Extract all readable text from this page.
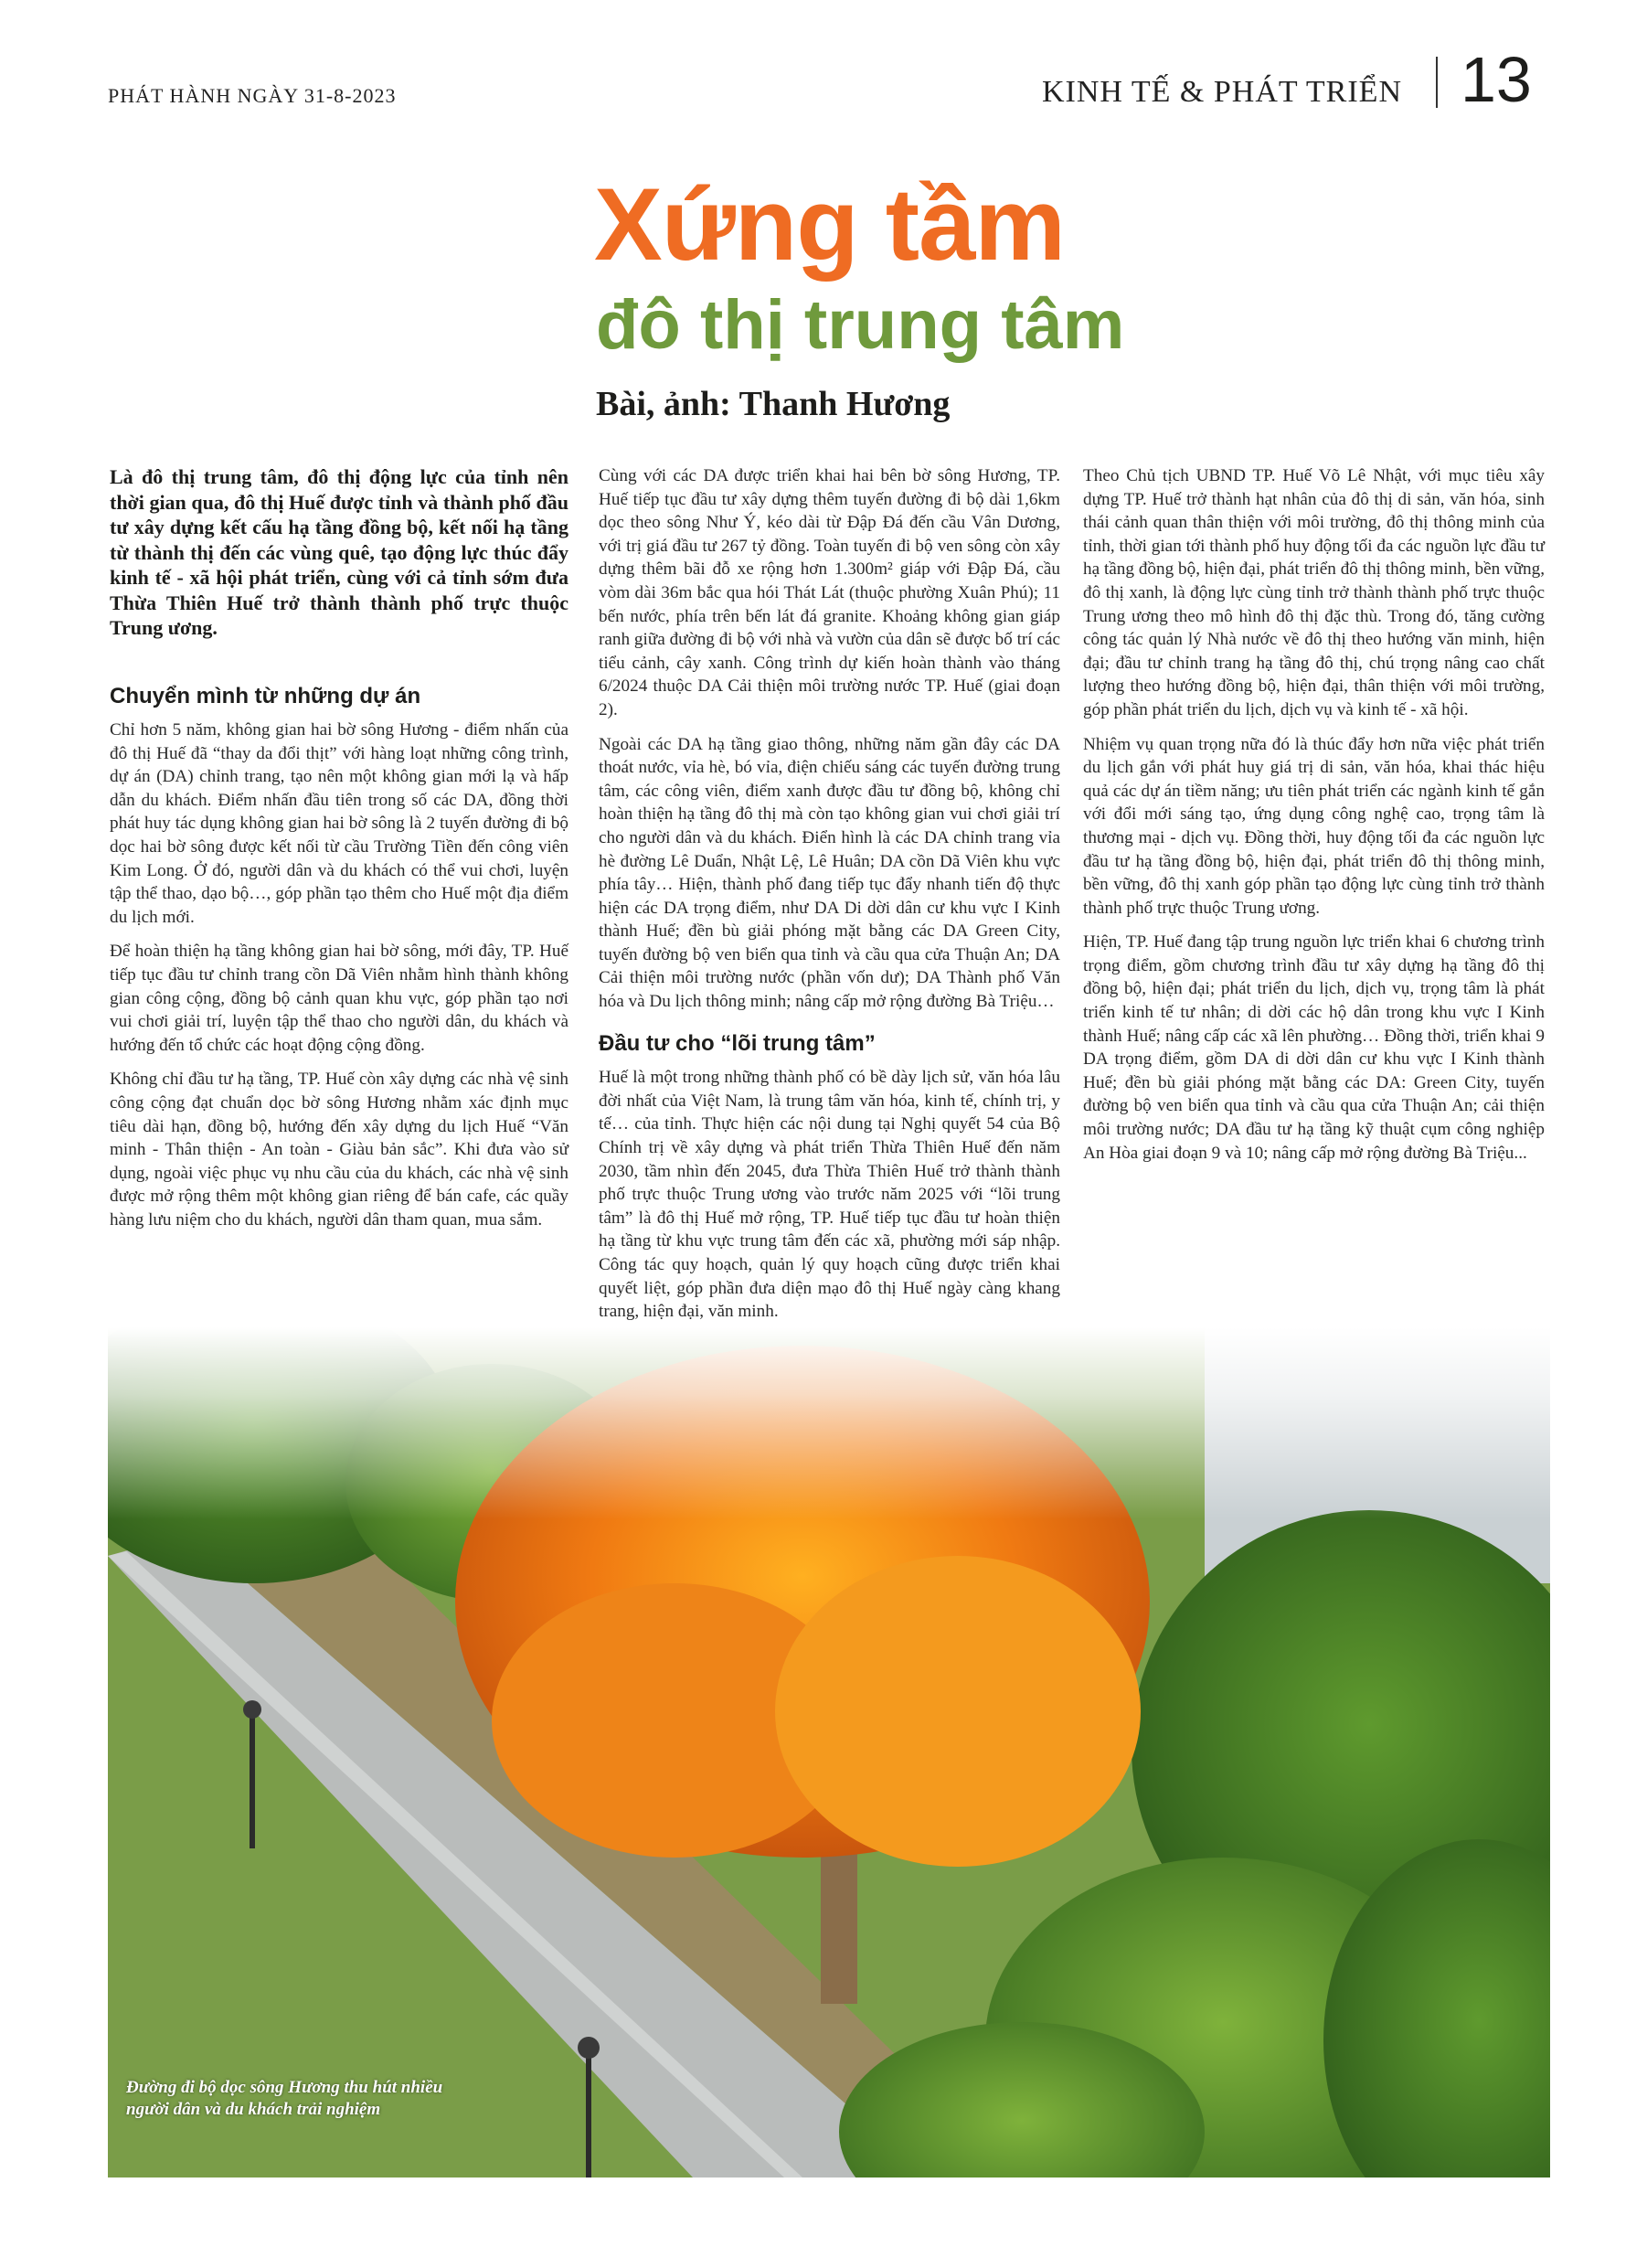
PHÁT HÀNH NGÀY 31-8-2023	KINH TẾ & PHÁT TRIỂN 13
Xứng tầm
đô thị trung tâm
Bài, ảnh: Thanh Hương

Là đô thị trung tâm, đô thị động lực của tỉnh nên thời gian qua, đô thị Huế được tỉnh và thành phố đầu tư xây dựng kết cấu hạ tầng đồng bộ, kết nối hạ tầng từ thành thị đến các vùng quê, tạo động lực thúc đẩy kinh tế - xã hội phát triển, cùng với cả tỉnh sớm đưa Thừa Thiên Huế trở thành thành phố trực thuộc Trung ương.

Chuyển mình từ những dự án

Chỉ hơn 5 năm, không gian hai bờ sông Hương - điểm nhấn của đô thị Huế đã “thay da đổi thịt” với hàng loạt những công trình, dự án (DA) chỉnh trang, tạo nên một không gian mới lạ và hấp dẫn du khách. Điểm nhấn đầu tiên trong số các DA, đồng thời phát huy tác dụng không gian hai bờ sông là 2 tuyến đường đi bộ dọc hai bờ sông được kết nối từ cầu Trường Tiền đến công viên Kim Long. Ở đó, người dân và du khách có thể vui chơi, luyện tập thể thao, dạo bộ…, góp phần tạo thêm cho Huế một địa điểm du lịch mới.

Để hoàn thiện hạ tầng không gian hai bờ sông, mới đây, TP. Huế tiếp tục đầu tư chỉnh trang cồn Dã Viên nhằm hình thành không gian công cộng, đồng bộ cảnh quan khu vực, góp phần tạo nơi vui chơi giải trí, luyện tập thể thao cho người dân, du khách và hướng đến tổ chức các hoạt động cộng đồng.

Không chỉ đầu tư hạ tầng, TP. Huế còn xây dựng các nhà vệ sinh công cộng đạt chuẩn dọc bờ sông Hương nhằm xác định mục tiêu dài hạn, đồng bộ, hướng đến xây dựng du lịch Huế “Văn minh - Thân thiện - An toàn - Giàu bản sắc”. Khi đưa vào sử dụng, ngoài việc phục vụ nhu cầu của du khách, các nhà vệ sinh được mở rộng thêm một không gian riêng để bán cafe, các quầy hàng lưu niệm cho du khách, người dân tham quan, mua sắm.

Cùng với các DA được triển khai hai bên bờ sông Hương, TP. Huế tiếp tục đầu tư xây dựng thêm tuyến đường đi bộ dài 1,6km dọc theo sông Như Ý, kéo dài từ Đập Đá đến cầu Vân Dương, với trị giá đầu tư 267 tỷ đồng. Toàn tuyến đi bộ ven sông còn xây dựng thêm bãi đỗ xe rộng hơn 1.300m² giáp với Đập Đá, cầu vòm dài 36m bắc qua hói Thát Lát (thuộc phường Xuân Phú); 11 bến nước, phía trên bến lát đá granite. Khoảng không gian giáp ranh giữa đường đi bộ với nhà và vườn của dân sẽ được bố trí các tiểu cảnh, cây xanh. Công trình dự kiến hoàn thành vào tháng 6/2024 thuộc DA Cải thiện môi trường nước TP. Huế (giai đoạn 2).

Ngoài các DA hạ tầng giao thông, những năm gần đây các DA thoát nước, vỉa hè, bó vỉa, điện chiếu sáng các tuyến đường trung tâm, các công viên, điểm xanh được đầu tư đồng bộ, không chỉ hoàn thiện hạ tầng đô thị mà còn tạo không gian vui chơi giải trí cho người dân và du khách. Điển hình là các DA chỉnh trang vỉa hè đường Lê Duẩn, Nhật Lệ, Lê Huân; DA cồn Dã Viên khu vực phía tây… Hiện, thành phố đang tiếp tục đẩy nhanh tiến độ thực hiện các DA trọng điểm, như DA Di dời dân cư khu vực I Kinh thành Huế; đền bù giải phóng mặt bằng các DA Green City, tuyến đường bộ ven biển qua tỉnh và cầu qua cửa Thuận An; DA Cải thiện môi trường nước (phần vốn dư); DA Thành phố Văn hóa và Du lịch thông minh; nâng cấp mở rộng đường Bà Triệu…

Đầu tư cho “lõi trung tâm”

Huế là một trong những thành phố có bề dày lịch sử, văn hóa lâu đời nhất của Việt Nam, là trung tâm văn hóa, kinh tế, chính trị, y tế… của tỉnh. Thực hiện các nội dung tại Nghị quyết 54 của Bộ Chính trị về xây dựng và phát triển Thừa Thiên Huế đến năm 2030, tầm nhìn đến 2045, đưa Thừa Thiên Huế trở thành thành phố trực thuộc Trung ương vào trước năm 2025 với “lõi trung tâm” là đô thị Huế mở rộng, TP. Huế tiếp tục đầu tư hoàn thiện hạ tầng từ khu vực trung tâm đến các xã, phường mới sáp nhập. Công tác quy hoạch, quản lý quy hoạch cũng được triển khai quyết liệt, góp phần đưa diện mạo đô thị Huế ngày càng khang trang, hiện đại, văn minh.

Theo Chủ tịch UBND TP. Huế Võ Lê Nhật, với mục tiêu xây dựng TP. Huế trở thành hạt nhân của đô thị di sản, văn hóa, sinh thái cảnh quan thân thiện với môi trường, đô thị thông minh của tỉnh, thời gian tới thành phố huy động tối đa các nguồn lực đầu tư hạ tầng đồng bộ, hiện đại, phát triển đô thị thông minh, bền vững, đô thị xanh, là động lực cùng tỉnh trở thành thành phố trực thuộc Trung ương theo mô hình đô thị đặc thù. Trong đó, tăng cường công tác quản lý Nhà nước về đô thị theo hướng văn minh, hiện đại; đầu tư chỉnh trang hạ tầng đô thị, chú trọng nâng cao chất lượng theo hướng đồng bộ, hiện đại, thân thiện với môi trường, góp phần phát triển du lịch, dịch vụ và kinh tế - xã hội.

Nhiệm vụ quan trọng nữa đó là thúc đẩy hơn nữa việc phát triển du lịch gắn với phát huy giá trị di sản, văn hóa, khai thác hiệu quả các dự án tiềm năng; ưu tiên phát triển các ngành kinh tế gắn với đổi mới sáng tạo, ứng dụng công nghệ cao, trọng tâm là thương mại - dịch vụ. Đồng thời, huy động tối đa các nguồn lực đầu tư hạ tầng đồng bộ, hiện đại, phát triển đô thị thông minh, bền vững, đô thị xanh góp phần tạo động lực cùng tỉnh trở thành thành phố trực thuộc Trung ương.

Hiện, TP. Huế đang tập trung nguồn lực triển khai 6 chương trình trọng điểm, gồm chương trình đầu tư xây dựng hạ tầng đô thị đồng bộ, hiện đại; phát triển du lịch, dịch vụ, trọng tâm là phát triển kinh tế tư nhân; di dời các hộ dân trong khu vực I Kinh thành Huế; nâng cấp các xã lên phường… Đồng thời, triển khai 9 DA trọng điểm, gồm DA di dời dân cư khu vực I Kinh thành Huế; đền bù giải phóng mặt bằng các DA: Green City, tuyến đường bộ ven biển qua tỉnh và cầu qua cửa Thuận An; cải thiện môi trường nước; DA đầu tư hạ tầng kỹ thuật cụm công nghiệp An Hòa giai đoạn 9 và 10; nâng cấp mở rộng đường Bà Triệu...

Đường đi bộ dọc sông Hương thu hút nhiều người dân và du khách trải nghiệm
